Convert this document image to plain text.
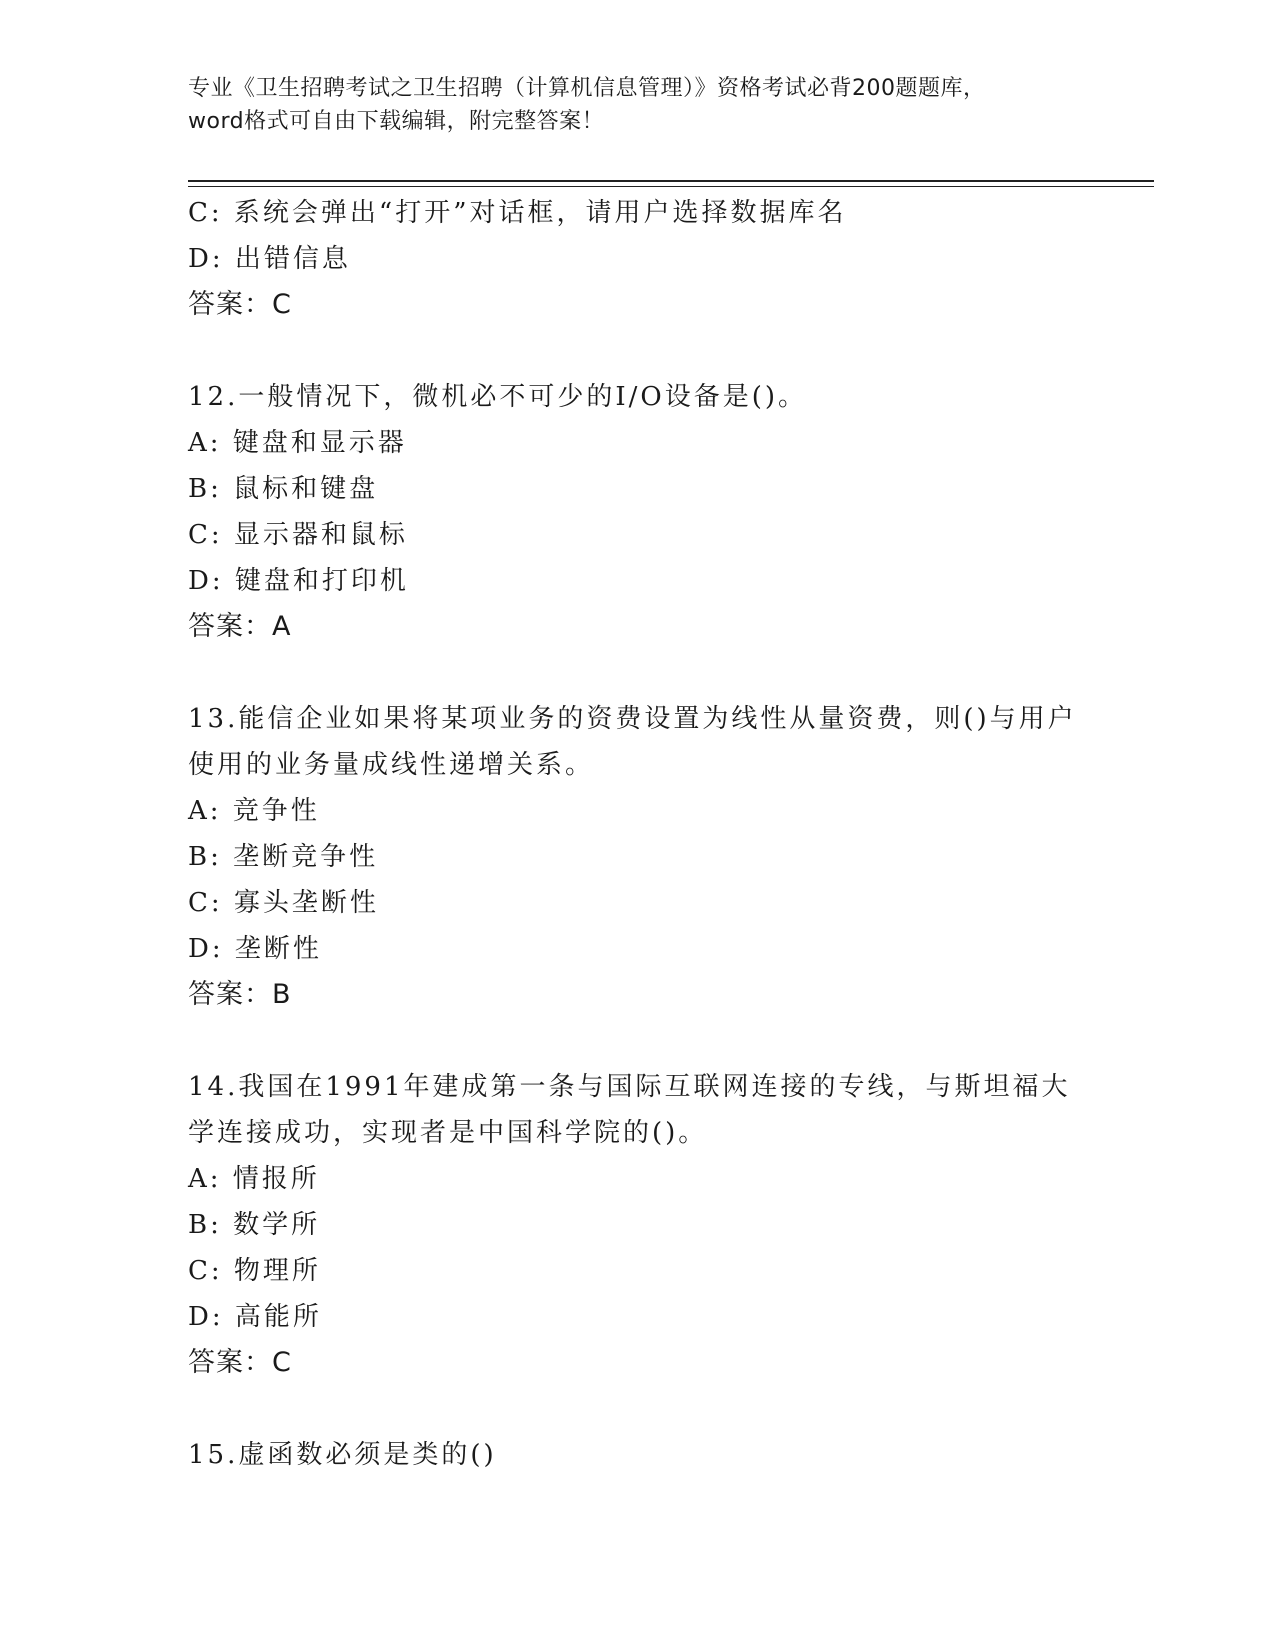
专业《卫生招聘考试之卫生招聘（计算机信息管理）》资格考试必背200题题库，
word格式可自由下载编辑，附完整答案！
C: 系统会弹出“打开”对话框，请用户选择数据库名
D: 出错信息
答案：C
12.一般情况下，微机必不可少的I/O设备是()。
A: 键盘和显示器
B: 鼠标和键盘
C: 显示器和鼠标
D: 键盘和打印机
答案：A
13.能信企业如果将某项业务的资费设置为线性从量资费，则()与用户
使用的业务量成线性递增关系。
A: 竞争性
B: 垄断竞争性
C: 寡头垄断性
D: 垄断性
答案：B
14.我国在1991年建成第一条与国际互联网连接的专线，与斯坦福大
学连接成功，实现者是中国科学院的()。
A: 情报所
B: 数学所
C: 物理所
D: 高能所
答案：C
15.虚函数必须是类的()
